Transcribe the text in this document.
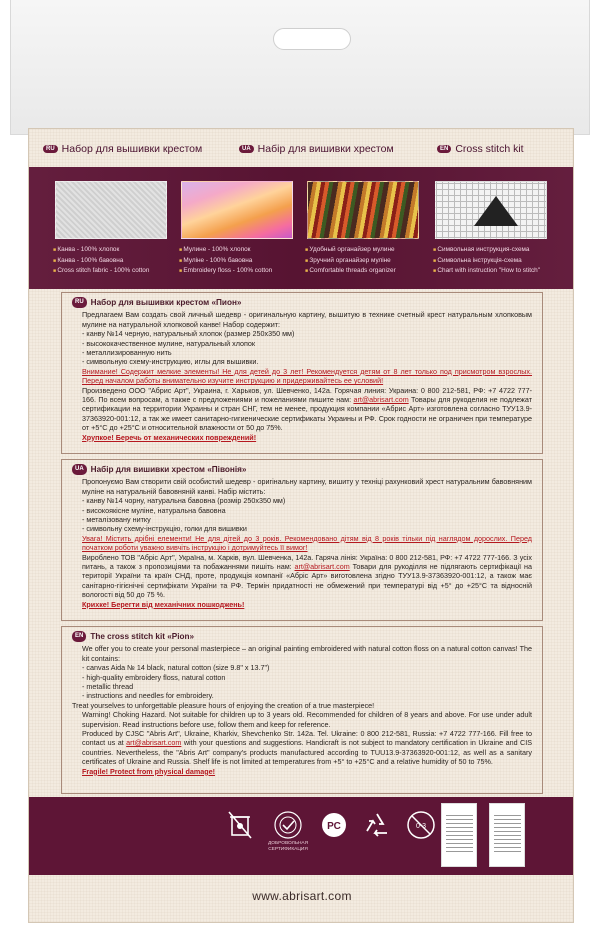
RU Набор для вышивки крестом	UA Набір для вишивки хрестом	EN Cross stitch kit
■ Канва - 100% хлопок
■ Канва - 100% бавовна
■ Cross stitch fabric - 100% cotton
■ Мулине - 100% хлопок
■ Муліне - 100% бавовна
■ Embroidery floss - 100% cotton
■ Удобный органайзер мулине
■ Зручний органайзер муліне
■ Comfortable threads organizer
■ Символьная инструкция-схема
■ Символьна інструкція-схема
■ Chart with instruction "How to stitch"
RU Набор для вышивки крестом «Пион»
Предлагаем Вам создать свой личный шедевр - оригинальную картину, вышитую в технике счетный крест натуральным хлопковым мулине на натуральной хлопковой канве! Набор содержит:
- канву №14 черную, натуральный хлопок (размер 250х350 мм)
- высококачественное мулине, натуральный хлопок
- металлизированную нить
- символьную схему-инструкцию, иглы для вышивки.
Внимание! Содержит мелкие элементы! Не для детей до 3 лет! Рекомендуется детям от 8 лет только под присмотром взрослых. Перед началом работы внимательно изучите инструкцию и придерживайтесь ее условий!
Произведено ООО "Абрис Арт", Украина, г. Харьков, ул. Шевченко, 142а. Горячая линия: Украина: 0 800 212-581, РФ: +7 4722 777-166. По всем вопросам, а также с предложениями и пожеланиями пишите нам: art@abrisart.com Товары для рукоделия не подлежат сертификации на территории Украины и стран СНГ, тем не менее, продукция компании «Абрис Арт» изготовлена согласно ТУУ13.9-37363920-001:12, а так же имеет санитарно-гигиенические сертификаты Украины и РФ. Срок годности не ограничен при температуре от +5°С до +25°С и относительной влажности от 50 до 75%.
Хрупкое! Беречь от механических повреждений!
UA Набір для вишивки хрестом «Півонія»
Пропонуємо Вам створити свій особистий шедевр - оригінальну картину, вишиту у техніці рахунковий хрест натуральним бавовняним муліне на натуральній бавовняній канві. Набір містить:
- канву №14 чорну, натуральна бавовна (розмір 250х350 мм)
- високоякісне муліне, натуральна бавовна
- металізовану нитку
- символьну схему-інструкцію, голки для вишивки
Увага! Містить дрібні елементи! Не для дітей до 3 років. Рекомендовано дітям від 8 років тільки під наглядом дорослих. Перед початком роботи уважно вивчіть інструкцію і дотримуйтесь її вимог!
Вироблено ТОВ "Абріс Арт", Україна, м. Харків, вул. Шевченка, 142а. Гаряча лінія: Україна: 0 800 212-581, РФ: +7 4722 777-166. З усіх питань, а також з пропозиціями та побажаннями пишіть нам: art@abrisart.com Товари для рукоділля не підлягають сертифікації на території України та країн СНД, проте, продукція компанії «Абріс Арт» виготовлена згідно ТУУ13.9-37363920-001:12, а також має санітарно-гігієнічні сертифікати України та РФ. Термін придатності не обмежений при температурі від +5° до +25°С та відносній вологості від 50 до 75 %.
Крихке! Берегти від механічних пошкоджень!
EN The cross stitch kit «Pion»
We offer you to create your personal masterpiece – an original painting embroidered with natural cotton floss on a natural cotton canvas! The kit contains:
- canvas Aida № 14 black, natural cotton (size 9.8" x 13.7")
- high-quality embroidery floss, natural cotton
- metallic thread
- instructions and needles for embroidery.
Treat yourselves to unforgettable pleasure hours of enjoying the creation of a true masterpiece!
Warning! Choking Hazard. Not suitable for children up to 3 years old. Recommended for children of 8 years and above. For use under adult supervision. Read instructions before use, follow them and keep for reference.
Produced by CJSC "Abris Art", Ukraine, Kharkiv, Shevchenko Str. 142a. Tel. Ukraine: 0 800 212-581, Russia: +7 4722 777-166. Fill free to contact us at art@abrisart.com with your questions and suggestions. Handicraft is not subject to mandatory certification in Ukraine and CIS countries. Nevertheless, the "Abris Art" company's products manufactured according to TUU13.9-37363920-001:12, as well as a sanitary certificates of Ukraine and Russia. Shelf life is not limited at temperatures from +5° to +25°C and a relative humidity of 50 to 75%.
Fragile! Protect from physical damage!
ДОБРОВОЛЬНАЯ СЕРТИФИКАЦИЯ
РС	0-3
www.abrisart.com
